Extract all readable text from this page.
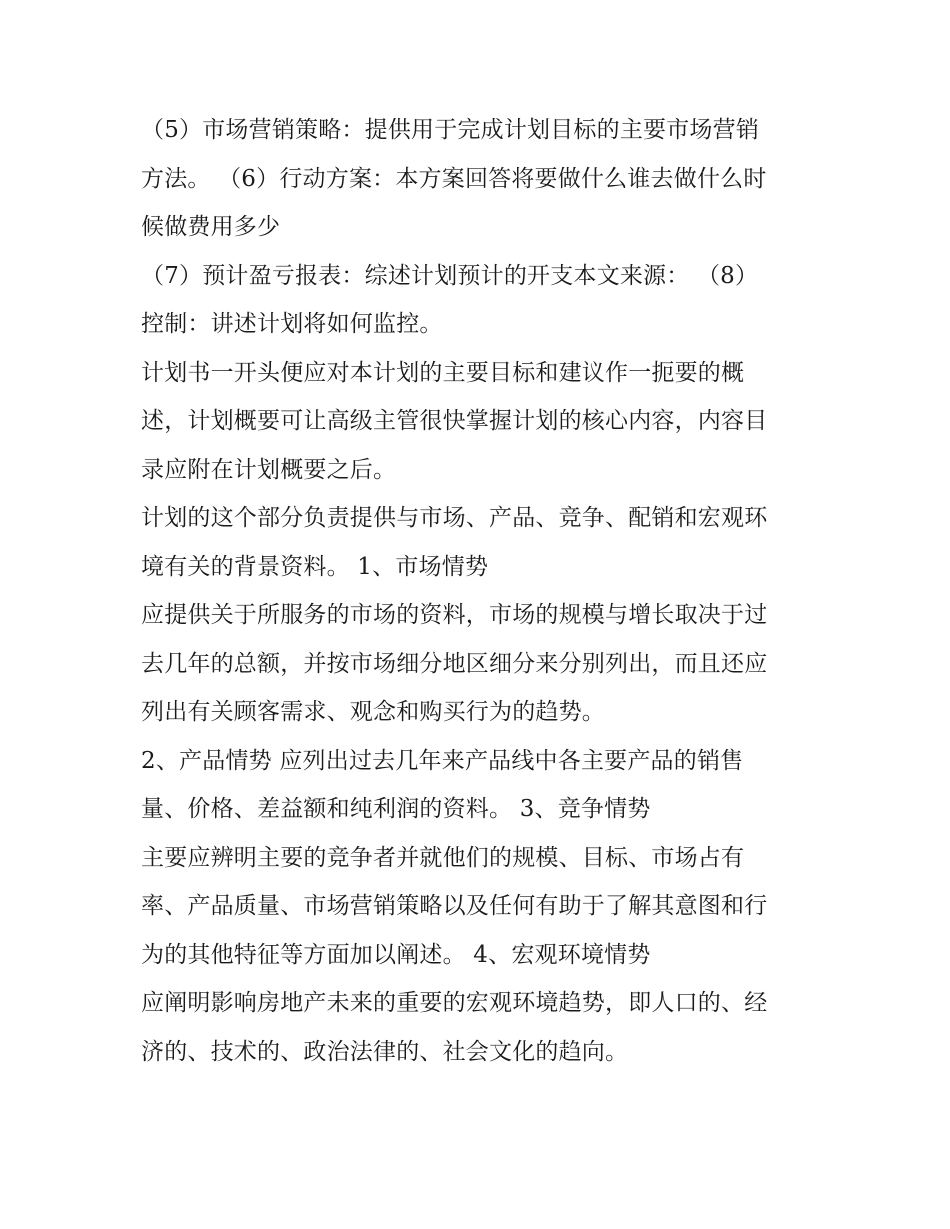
（5）市场营销策略：提供用于完成计划目标的主要市场营销
方法。 （6）行动方案：本方案回答将要做什么谁去做什么时
候做费用多少
（7）预计盈亏报表：综述计划预计的开支本文来源： （8）
控制：讲述计划将如何监控。
计划书一开头便应对本计划的主要目标和建议作一扼要的概
述，计划概要可让高级主管很快掌握计划的核心内容，内容目
录应附在计划概要之后。
计划的这个部分负责提供与市场、产品、竞争、配销和宏观环
境有关的背景资料。 1、市场情势
应提供关于所服务的市场的资料，市场的规模与增长取决于过
去几年的总额，并按市场细分地区细分来分别列出，而且还应
列出有关顾客需求、观念和购买行为的趋势。
2、产品情势 应列出过去几年来产品线中各主要产品的销售
量、价格、差益额和纯利润的资料。 3、竞争情势
主要应辨明主要的竞争者并就他们的规模、目标、市场占有
率、产品质量、市场营销策略以及任何有助于了解其意图和行
为的其他特征等方面加以阐述。 4、宏观环境情势
应阐明影响房地产未来的重要的宏观环境趋势，即人口的、经
济的、技术的、政治法律的、社会文化的趋向。
